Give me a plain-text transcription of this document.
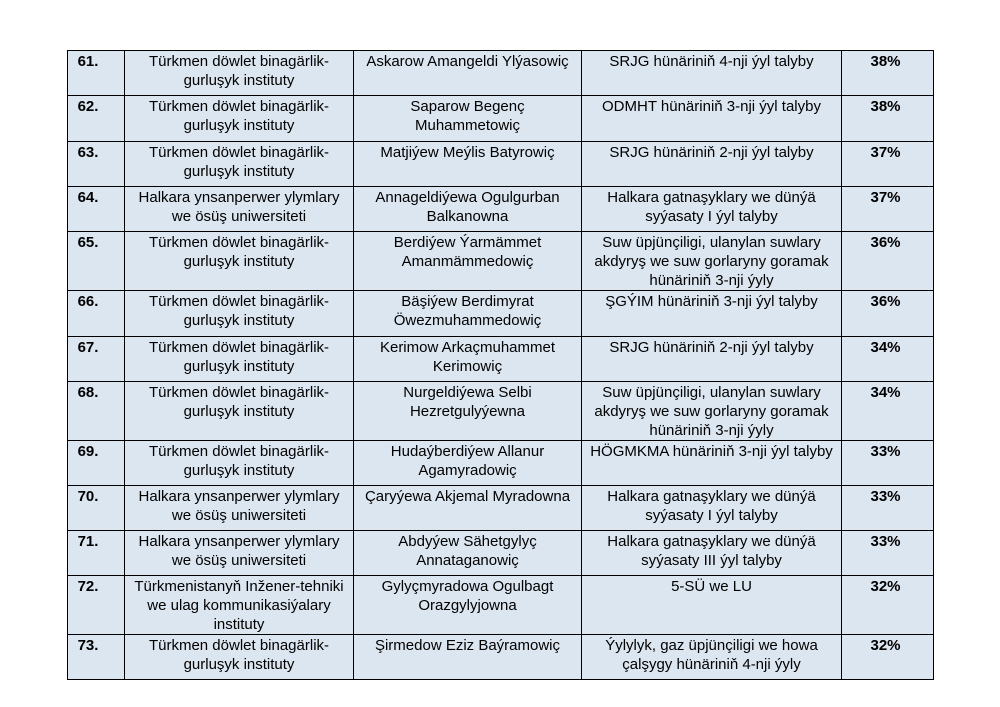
61.	Türkmen döwlet binagärlik-gurluşyk instituty	Askarow Amangeldi Ylýasowiç	SRJG hünäriniň 4-nji ýyl talyby	38%

62.	Türkmen döwlet binagärlik-gurluşyk instituty	Saparow Begenç Muhammetowiç	ODMHT hünäriniň 3-nji ýyl talyby	38%

63.	Türkmen döwlet binagärlik-gurluşyk instituty	Matjiýew Meýlis Batyrowiç	SRJG hünäriniň 2-nji ýyl talyby	37%

64.	Halkara ynsanperwer ylymlary we ösüş uniwersiteti	Annageldiýewa Ogulgurban Balkanowna	Halkara gatnaşyklary we dünýä syýasaty I ýyl talyby	37%

65.	Türkmen döwlet binagärlik-gurluşyk instituty	Berdiýew Ýarmämmet Amanmämmedowiç	Suw üpjünçiligi, ulanylan suwlary akdyryş we suw gorlaryny goramak hünäriniň 3-nji ýyly	36%

66.	Türkmen döwlet binagärlik-gurluşyk instituty	Bäşiýew Berdimyrat Öwezmuhammedowiç	ŞGÝIM hünäriniň 3-nji ýyl talyby	36%

67.	Türkmen döwlet binagärlik-gurluşyk instituty	Kerimow Arkaçmuhammet Kerimowiç	SRJG hünäriniň 2-nji ýyl talyby	34%

68.	Türkmen döwlet binagärlik-gurluşyk instituty	Nurgeldiýewa Selbi Hezretgulyýewna	Suw üpjünçiligi, ulanylan suwlary akdyryş we suw gorlaryny goramak hünäriniň 3-nji ýyly	34%

69.	Türkmen döwlet binagärlik-gurluşyk instituty	Hudaýberdiýew Allanur Agamyradowiç	HÖGMKMA hünäriniň 3-nji ýyl talyby	33%

70.	Halkara ynsanperwer ylymlary we ösüş uniwersiteti	Çaryýewa Akjemal Myradowna	Halkara gatnaşyklary we dünýä syýasaty I ýyl talyby	33%

71.	Halkara ynsanperwer ylymlary we ösüş uniwersiteti	Abdyýew Sähetgylyç Annataganowiç	Halkara gatnaşyklary we dünýä syýasaty III ýyl talyby	33%

72.	Türkmenistanyň Inžener-tehniki we ulag kommunikasiýalary instituty	Gylyçmyradowa Ogulbagt Orazgylyjowna	5-SÜ we LU	32%

73.	Türkmen döwlet binagärlik-gurluşyk instituty	Şirmedow Eziz Baýramowiç	Ýylylyk, gaz üpjünçiligi we howa çalşygy hünäriniň 4-nji ýyly	32%
